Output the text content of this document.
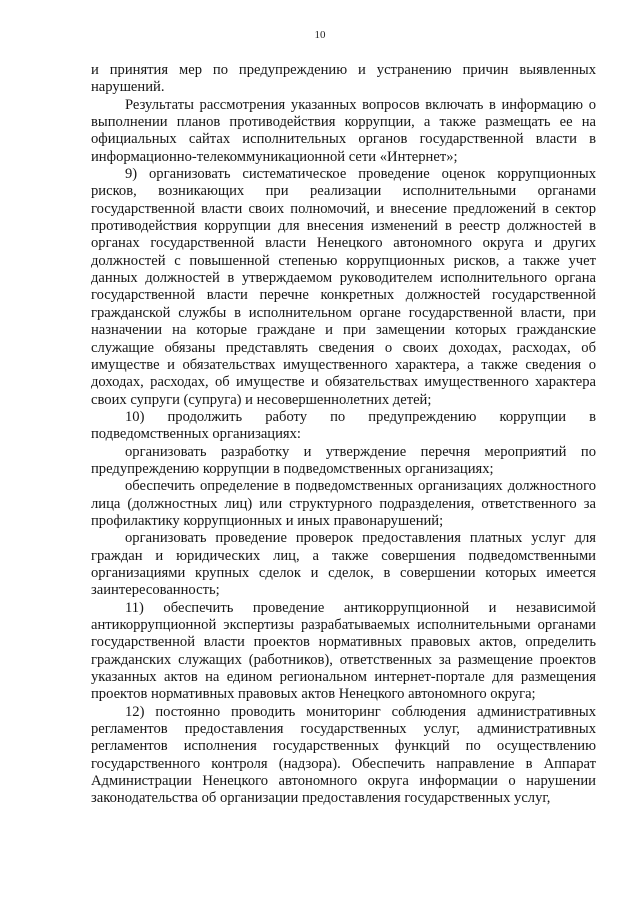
10

и принятия мер по предупреждению и устранению причин выявленных нарушений.

Результаты рассмотрения указанных вопросов включать в информацию о выполнении планов противодействия коррупции, а также размещать ее на официальных сайтах исполнительных органов государственной власти в информационно-телекоммуникационной сети «Интернет»;

9) организовать систематическое проведение оценок коррупционных рисков, возникающих при реализации исполнительными органами государственной власти своих полномочий, и внесение предложений в сектор противодействия коррупции для внесения изменений в реестр должностей в органах государственной власти Ненецкого автономного округа и других должностей с повышенной степенью коррупционных рисков, а также учет данных должностей в утверждаемом руководителем исполнительного органа государственной власти перечне конкретных должностей государственной гражданской службы в исполнительном органе государственной власти, при назначении на которые граждане и при замещении которых гражданские служащие обязаны представлять сведения о своих доходах, расходах, об имуществе и обязательствах имущественного характера, а также сведения о доходах, расходах, об имуществе и обязательствах имущественного характера своих супруги (супруга) и несовершеннолетних детей;

10) продолжить работу по предупреждению коррупции в подведомственных организациях:

организовать разработку и утверждение перечня мероприятий по предупреждению коррупции в подведомственных организациях;

обеспечить определение в подведомственных организациях должностного лица (должностных лиц) или структурного подразделения, ответственного за профилактику коррупционных и иных правонарушений;

организовать проведение проверок предоставления платных услуг для граждан и юридических лиц, а также совершения подведомственными организациями крупных сделок и сделок, в совершении которых имеется заинтересованность;

11) обеспечить проведение антикоррупционной и независимой антикоррупционной экспертизы разрабатываемых исполнительными органами государственной власти проектов нормативных правовых актов, определить гражданских служащих (работников), ответственных за размещение проектов указанных актов на едином региональном интернет-портале для размещения проектов нормативных правовых актов Ненецкого автономного округа;

12) постоянно проводить мониторинг соблюдения административных регламентов предоставления государственных услуг, административных регламентов исполнения государственных функций по осуществлению государственного контроля (надзора). Обеспечить направление в Аппарат Администрации Ненецкого автономного округа информации о нарушении законодательства об организации предоставления государственных услуг,
